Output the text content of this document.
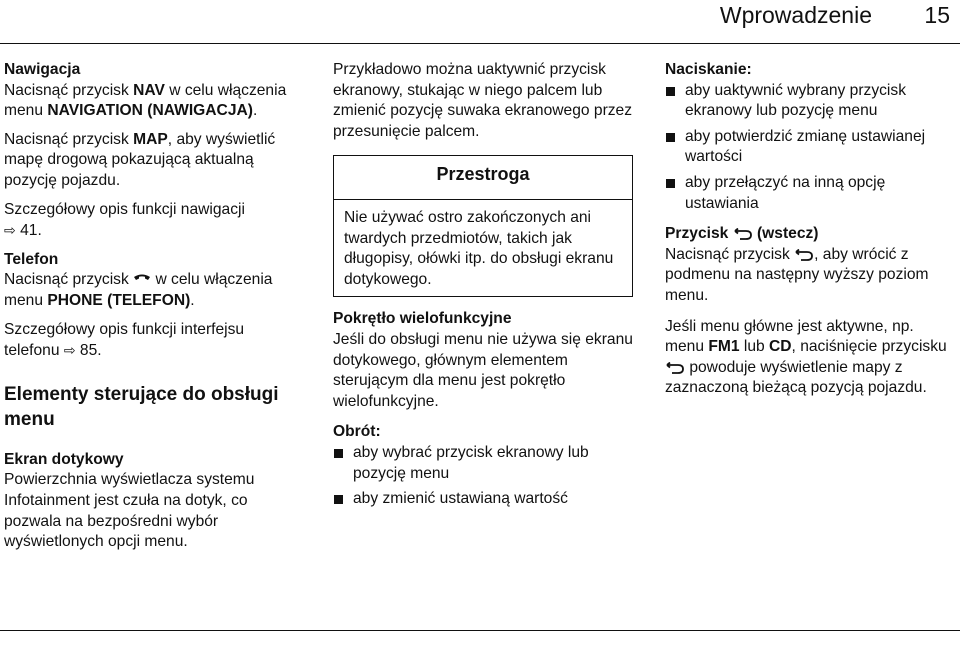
Wprowadzenie 15

Nawigacja
Nacisnąć przycisk NAV w celu włączenia menu NAVIGATION (NAWIGACJA).

Nacisnąć przycisk MAP, aby wyświetlić mapę drogową pokazującą aktualną pozycję pojazdu.

Szczegółowy opis funkcji nawigacji
⇨ 41.

Telefon
Nacisnąć przycisk  w celu włączenia menu PHONE (TELEFON).

Szczegółowy opis funkcji interfejsu telefonu ⇨ 85.

Elementy sterujące do obsługi menu

Ekran dotykowy
Powierzchnia wyświetlacza systemu Infotainment jest czuła na dotyk, co pozwala na bezpośredni wybór wyświetlonych opcji menu.

Przykładowo można uaktywnić przycisk ekranowy, stukając w niego palcem lub zmienić pozycję suwaka ekranowego przez przesunięcie palcem.

Przestroga
Nie używać ostro zakończonych ani twardych przedmiotów, takich jak długopisy, ołówki itp. do obsługi ekranu dotykowego.

Pokrętło wielofunkcyjne
Jeśli do obsługi menu nie używa się ekranu dotykowego, głównym elementem sterującym dla menu jest pokrętło wielofunkcyjne.

Obrót:

aby wybrać przycisk ekranowy lub pozycję menu
aby zmienić ustawianą wartość

Naciskanie:

aby uaktywnić wybrany przycisk ekranowy lub pozycję menu
aby potwierdzić zmianę ustawianej wartości
aby przełączyć na inną opcję ustawiania

Przycisk  (wstecz)
Nacisnąć przycisk , aby wrócić z podmenu na następny wyższy poziom menu.

Jeśli menu główne jest aktywne, np. menu FM1 lub CD, naciśnięcie przycisku  powoduje wyświetlenie mapy z zaznaczoną bieżącą pozycją pojazdu.
